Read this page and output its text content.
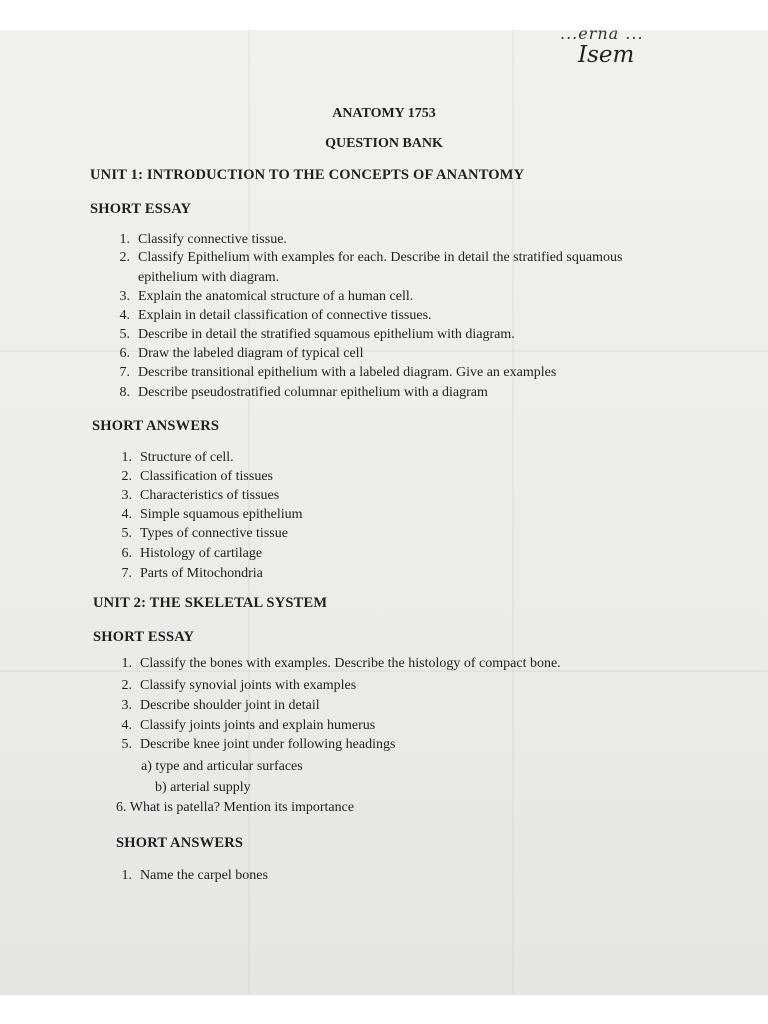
...erna ...
Isem
ANATOMY 1753
QUESTION BANK
UNIT 1: INTRODUCTION TO THE CONCEPTS OF ANANTOMY
SHORT ESSAY
1. Classify connective tissue.
2. Classify Epithelium with examples for each. Describe in detail the stratified squamous
epithelium with diagram.
3. Explain the anatomical structure of a human cell.
4. Explain in detail classification of connective tissues.
5. Describe in detail the stratified squamous epithelium with diagram.
6. Draw the labeled diagram of typical cell
7. Describe transitional epithelium with a labeled diagram. Give an examples
8. Describe pseudostratified columnar epithelium with a diagram
SHORT ANSWERS
1. Structure of cell.
2. Classification of tissues
3. Characteristics of tissues
4. Simple squamous epithelium
5. Types of connective tissue
6. Histology of cartilage
7. Parts of Mitochondria
UNIT 2: THE SKELETAL SYSTEM
SHORT ESSAY
1. Classify the bones with examples. Describe the histology of compact bone.
2. Classify synovial joints with examples
3. Describe shoulder joint in detail
4. Classify joints joints and explain humerus
5. Describe knee joint under following headings
a) type and articular surfaces
b) arterial supply
6. What is patella? Mention its importance
SHORT ANSWERS
1. Name the carpel bones
